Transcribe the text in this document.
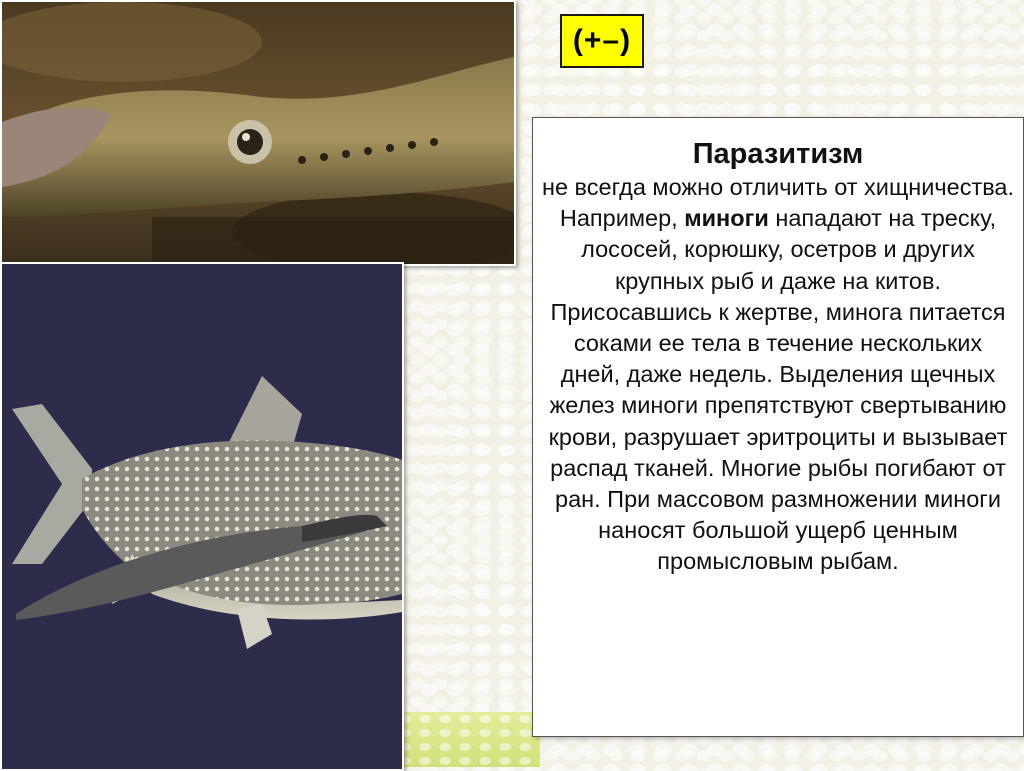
(+–)

Паразитизм

не всегда можно отличить от хищничества.
Например, миноги нападают на треску, лососей, корюшку, осетров и других крупных рыб и даже на китов. Присосавшись к жертве, минога питается соками ее тела в течение нескольких дней, даже недель. Выделения щечных желез миноги препятствуют свертыванию крови, разрушает эритроциты и вызывает распад тканей. Многие рыбы погибают от ран. При массовом размножении миноги наносят большой ущерб ценным промысловым рыбам.
